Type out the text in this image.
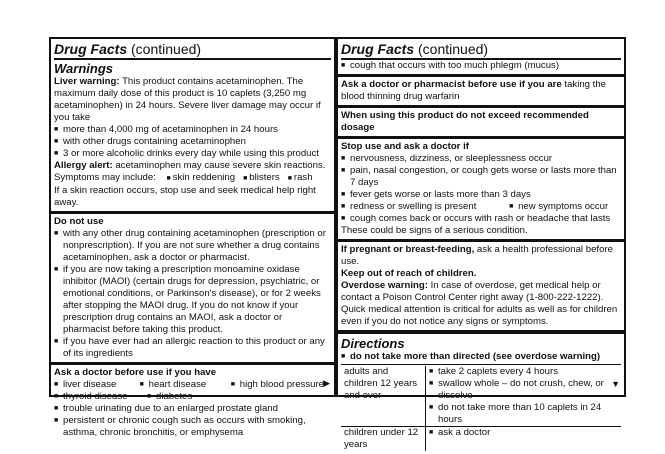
Drug Facts (continued)
Warnings
Liver warning: This product contains acetaminophen. The maximum daily dose of this product is 10 caplets (3,250 mg acetaminophen) in 24 hours. Severe liver damage may occur if you take
■ more than 4,000 mg of acetaminophen in 24 hours
■ with other drugs containing acetaminophen
■ 3 or more alcoholic drinks every day while using this product
Allergy alert: acetaminophen may cause severe skin reactions.
Symptoms may include: ■ skin reddening ■ blisters ■ rash
If a skin reaction occurs, stop use and seek medical help right away.
Do not use
■ with any other drug containing acetaminophen (prescription or nonprescription). If you are not sure whether a drug contains acetaminophen, ask a doctor or pharmacist.
■ if you are now taking a prescription monoamine oxidase inhibitor (MAOI) (certain drugs for depression, psychiatric, or emotional conditions, or Parkinson's disease), or for 2 weeks after stopping the MAOI drug. If you do not know if your prescription drug contains an MAOI, ask a doctor or pharmacist before taking this product.
■ if you have ever had an allergic reaction to this product or any of its ingredients
Ask a doctor before use if you have
■ liver disease	■ heart disease	■ high blood pressure
■ thyroid disease	■ diabetes
■ trouble urinating due to an enlarged prostate gland
■ persistent or chronic cough such as occurs with smoking, asthma, chronic bronchitis, or emphysema
▶
Drug Facts (continued)
■ cough that occurs with too much phlegm (mucus)
Ask a doctor or pharmacist before use if you are taking the blood thinning drug warfarin
When using this product do not exceed recommended dosage
Stop use and ask a doctor if
■ nervousness, dizziness, or sleeplessness occur
■ pain, nasal congestion, or cough gets worse or lasts more than 7 days
■ fever gets worse or lasts more than 3 days
■ redness or swelling is present	■ new symptoms occur
■ cough comes back or occurs with rash or headache that lasts
These could be signs of a serious condition.
If pregnant or breast-feeding, ask a health professional before use.
Keep out of reach of children.
Overdose warning: In case of overdose, get medical help or contact a Poison Control Center right away (1-800-222-1222). Quick medical attention is critical for adults as well as for children even if you do not notice any signs or symptoms.
Directions
■ do not take more than directed (see overdose warning)
adults and children 12 years and over	■ take 2 caplets every 4 hours
■ swallow whole – do not crush, chew, or dissolve
■ do not take more than 10 caplets in 24 hours

children under 12 years	■ ask a doctor
▼
